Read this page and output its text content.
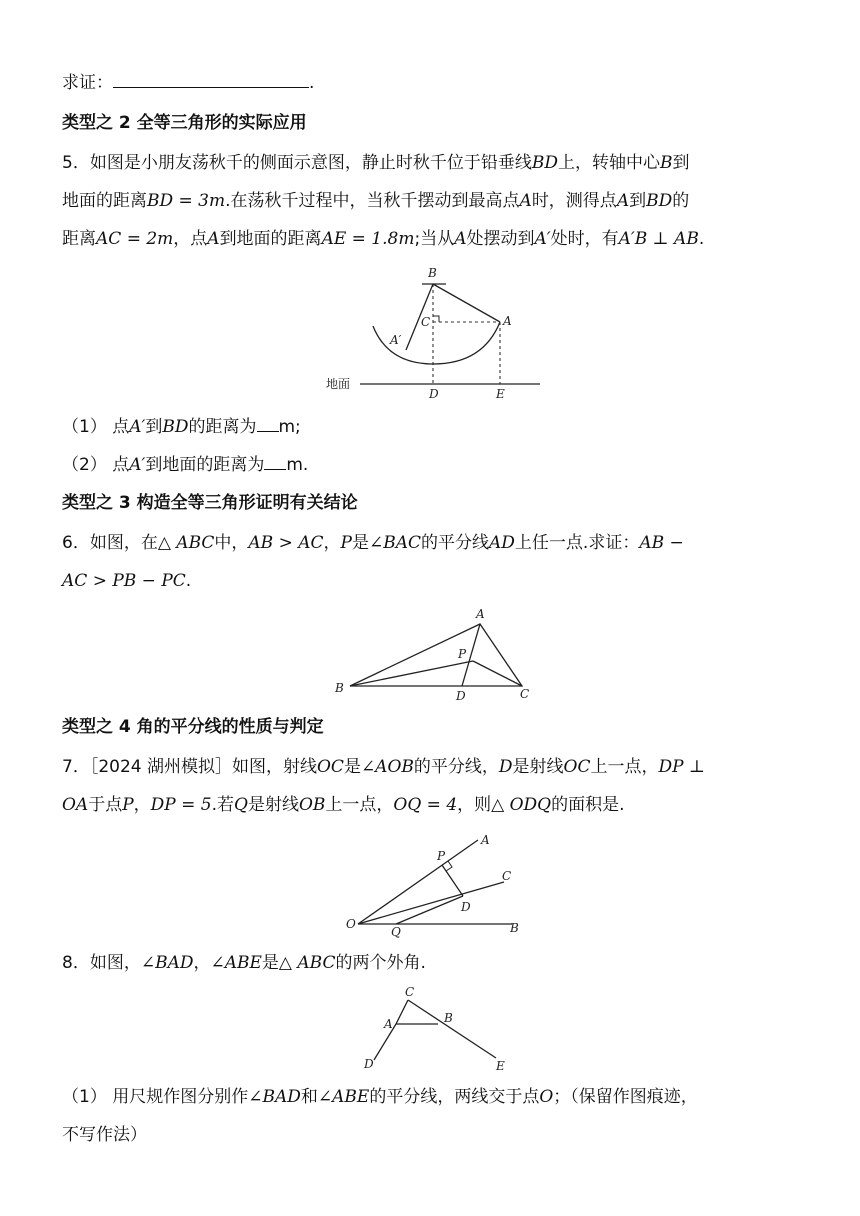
求证：	.
类型之 2 全等三角形的实际应用
5．如图是小朋友荡秋千的侧面示意图，静止时秋千位于铅垂线BD上，转轴中心B到
地面的距离BD = 3m.在荡秋千过程中，当秋千摆动到最高点A时，测得点A到BD的
距离AC = 2m，点A到地面的距离AE = 1.8m;当从A处摆动到A′处时，有A′B ⊥ AB.
B
C	A
A′
D	E
地面
（1） 点A′到BD的距离为 m;
（2） 点A′到地面的距离为 m.
类型之 3 构造全等三角形证明有关结论
6．如图，在△ ABC中，AB > AC，P是∠BAC的平分线AD上任一点.求证：AB −
AC > PB − PC.
A
P
B
D	C
类型之 4 角的平分线的性质与判定
7．［2024 湖州模拟］如图，射线OC是∠AOB的平分线，D是射线OC上一点，DP ⊥
OA于点P，DP = 5.若Q是射线OB上一点，OQ = 4，则△ ODQ的面积是.
A
P
C
D
O
Q	B
8．如图，∠BAD，∠ABE是△ ABC的两个外角.
C
A	B
D	E
（1） 用尺规作图分别作∠BAD和∠ABE的平分线，两线交于点O；（保留作图痕迹，
不写作法）
